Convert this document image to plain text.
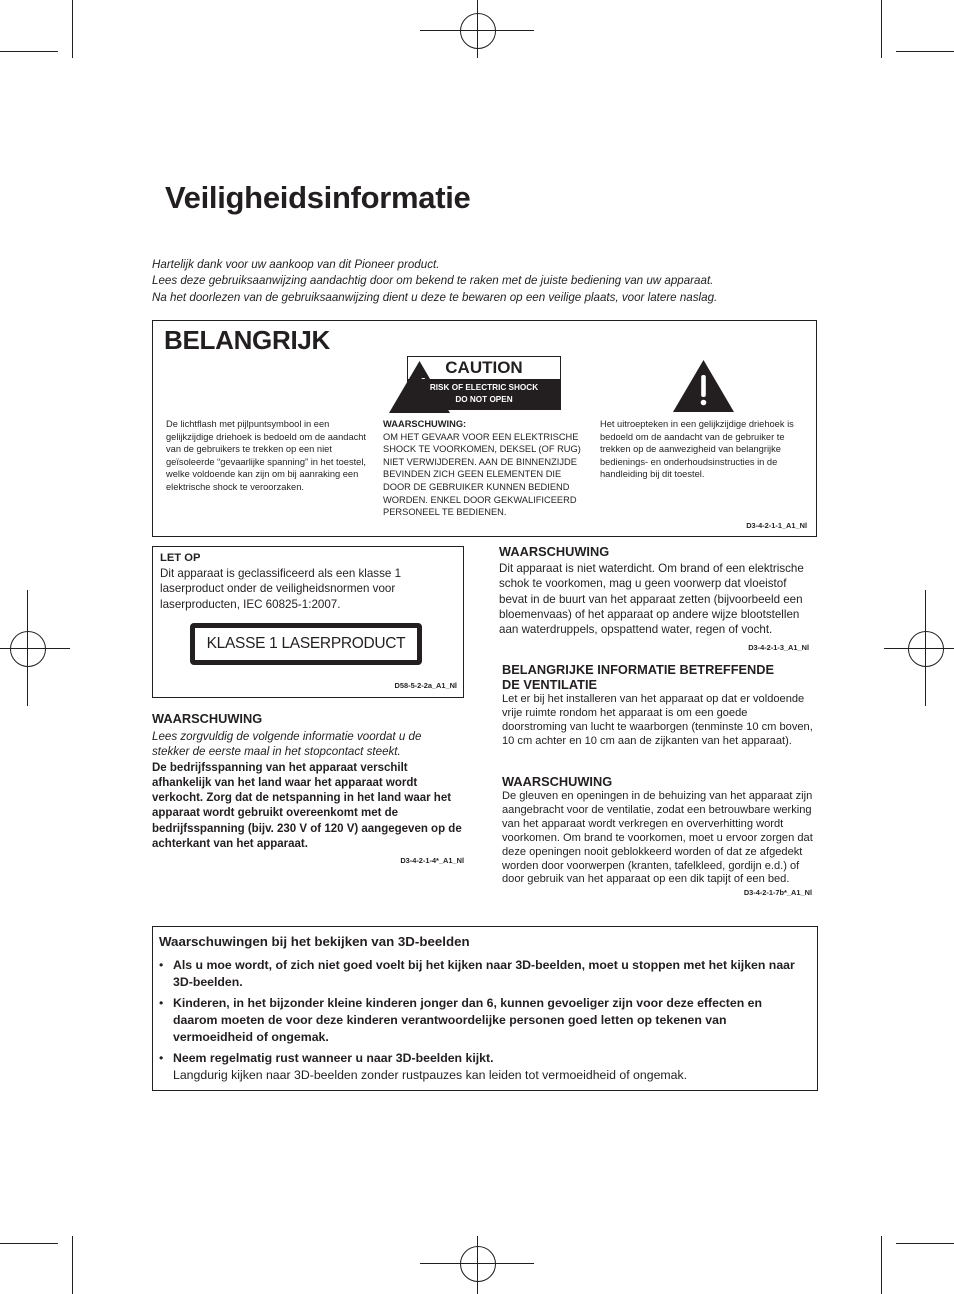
Veiligheidsinformatie
Hartelijk dank voor uw aankoop van dit Pioneer product.
Lees deze gebruiksaanwijzing aandachtig door om bekend te raken met de juiste bediening van uw apparaat.
Na het doorlezen van de gebruiksaanwijzing dient u deze te bewaren op een veilige plaats, voor latere naslag.
BELANGRIJK
CAUTION
RISK OF ELECTRIC SHOCK
DO NOT OPEN
De lichtflash met pijlpuntsymbool in een gelijkzijdige driehoek is bedoeld om de aandacht van de gebruikers te trekken op een niet geïsoleerde “gevaarlijke spanning” in het toestel, welke voldoende kan zijn om bij aanraking een elektrische shock te veroorzaken.
WAARSCHUWING:
OM HET GEVAAR VOOR EEN ELEKTRISCHE SHOCK TE VOORKOMEN, DEKSEL (OF RUG) NIET VERWIJDEREN. AAN DE BINNENZIJDE BEVINDEN ZICH GEEN ELEMENTEN DIE DOOR DE GEBRUIKER KUNNEN BEDIEND WORDEN. ENKEL DOOR GEKWALIFICEERD PERSONEEL TE BEDIENEN.
Het uitroepteken in een gelijkzijdige driehoek is bedoeld om de aandacht van de gebruiker te trekken op de aanwezigheid van belangrijke bedienings- en onderhoudsinstructies in de handleiding bij dit toestel.
D3-4-2-1-1_A1_Nl
LET OP
Dit apparaat is geclassificeerd als een klasse 1 laserproduct onder de veiligheidsnormen voor laserproducten, IEC 60825-1:2007.
KLASSE 1 LASERPRODUCT
D58-5-2-2a_A1_Nl
WAARSCHUWING
Lees zorgvuldig de volgende informatie voordat u de stekker de eerste maal in het stopcontact steekt.
De bedrijfsspanning van het apparaat verschilt afhankelijk van het land waar het apparaat wordt verkocht. Zorg dat de netspanning in het land waar het apparaat wordt gebruikt overeenkomt met de bedrijfsspanning (bijv. 230 V of 120 V) aangegeven op de achterkant van het apparaat.
D3-4-2-1-4*_A1_Nl
WAARSCHUWING
Dit apparaat is niet waterdicht. Om brand of een elektrische schok te voorkomen, mag u geen voorwerp dat vloeistof bevat in de buurt van het apparaat zetten (bijvoorbeeld een bloemenvaas) of het apparaat op andere wijze blootstellen aan waterdruppels, opspattend water, regen of vocht.
D3-4-2-1-3_A1_Nl
BELANGRIJKE INFORMATIE BETREFFENDE
DE VENTILATIE
Let er bij het installeren van het apparaat op dat er voldoende vrije ruimte rondom het apparaat is om een goede doorstroming van lucht te waarborgen (tenminste 10 cm boven, 10 cm achter en 10 cm aan de zijkanten van het apparaat).
WAARSCHUWING
De gleuven en openingen in de behuizing van het apparaat zijn aangebracht voor de ventilatie, zodat een betrouwbare werking van het apparaat wordt verkregen en oververhitting wordt voorkomen. Om brand te voorkomen, moet u ervoor zorgen dat deze openingen nooit geblokkeerd worden of dat ze afgedekt worden door voorwerpen (kranten, tafelkleed, gordijn e.d.) of door gebruik van het apparaat op een dik tapijt of een bed.
D3-4-2-1-7b*_A1_Nl
Waarschuwingen bij het bekijken van 3D-beelden
• Als u moe wordt, of zich niet goed voelt bij het kijken naar 3D-beelden, moet u stoppen met het kijken naar 3D-beelden.
• Kinderen, in het bijzonder kleine kinderen jonger dan 6, kunnen gevoeliger zijn voor deze effecten en daarom moeten de voor deze kinderen verantwoordelijke personen goed letten op tekenen van vermoeidheid of ongemak.
• Neem regelmatig rust wanneer u naar 3D-beelden kijkt.
Langdurig kijken naar 3D-beelden zonder rustpauzes kan leiden tot vermoeidheid of ongemak.
